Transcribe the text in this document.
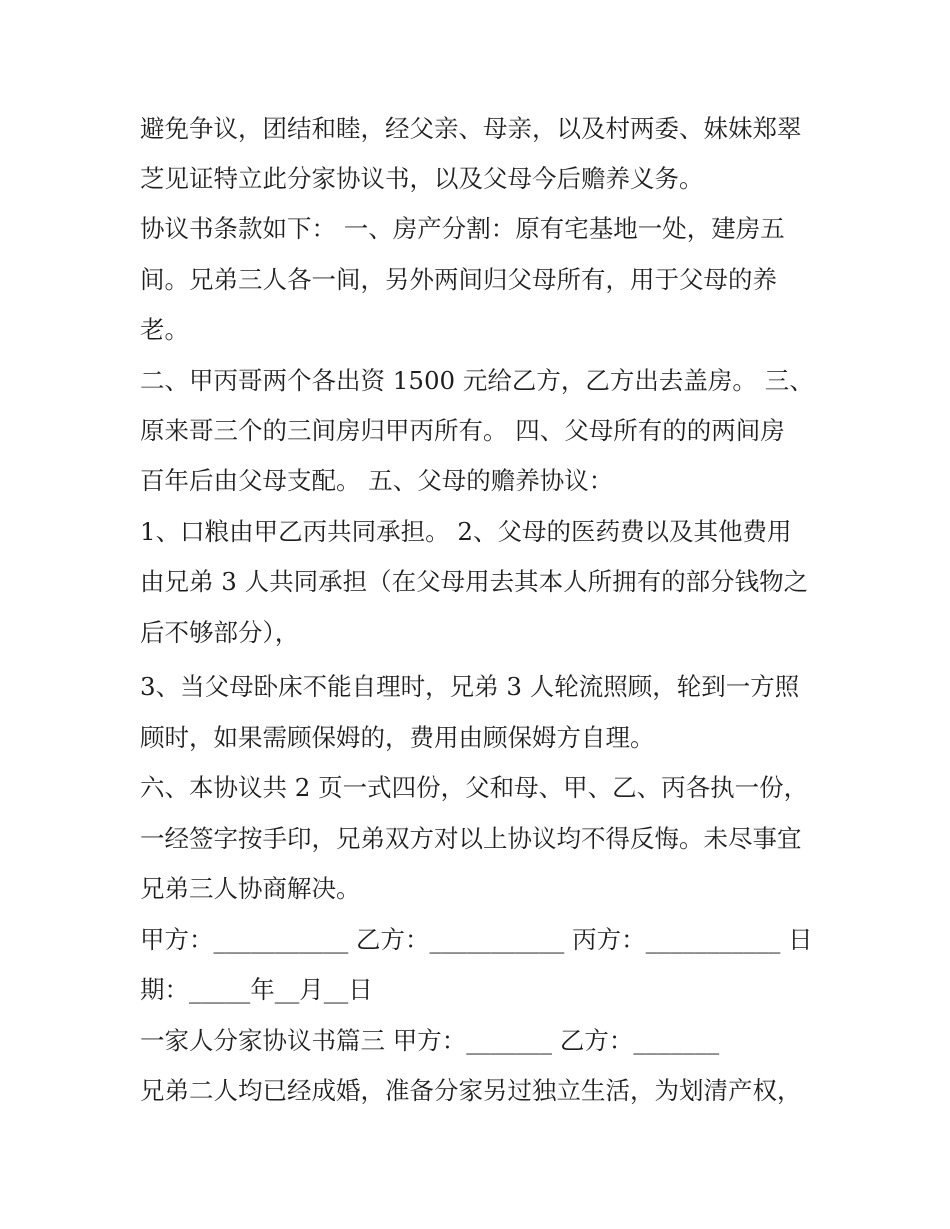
避免争议，团结和睦，经父亲、母亲，以及村两委、妹妹郑翠
芝见证特立此分家协议书，以及父母今后赡养义务。
协议书条款如下： 一、房产分割：原有宅基地一处，建房五
间。兄弟三人各一间，另外两间归父母所有，用于父母的养
老。
二、甲丙哥两个各出资 1500 元给乙方，乙方出去盖房。 三、
原来哥三个的三间房归甲丙所有。 四、父母所有的的两间房
百年后由父母支配。 五、父母的赡养协议：
1、口粮由甲乙丙共同承担。 2、父母的医药费以及其他费用
由兄弟 3 人共同承担（在父母用去其本人所拥有的部分钱物之
后不够部分），
3、当父母卧床不能自理时，兄弟 3 人轮流照顾，轮到一方照
顾时，如果需顾保姆的，费用由顾保姆方自理。
六、本协议共 2 页一式四份，父和母、甲、乙、丙各执一份，
一经签字按手印，兄弟双方对以上协议均不得反悔。未尽事宜
兄弟三人协商解决。
甲方：___________ 乙方：___________ 丙方：___________ 日
期：_____年__月__日
一家人分家协议书篇三 甲方：_______ 乙方：_______
兄弟二人均已经成婚，准备分家另过独立生活，为划清产权，
